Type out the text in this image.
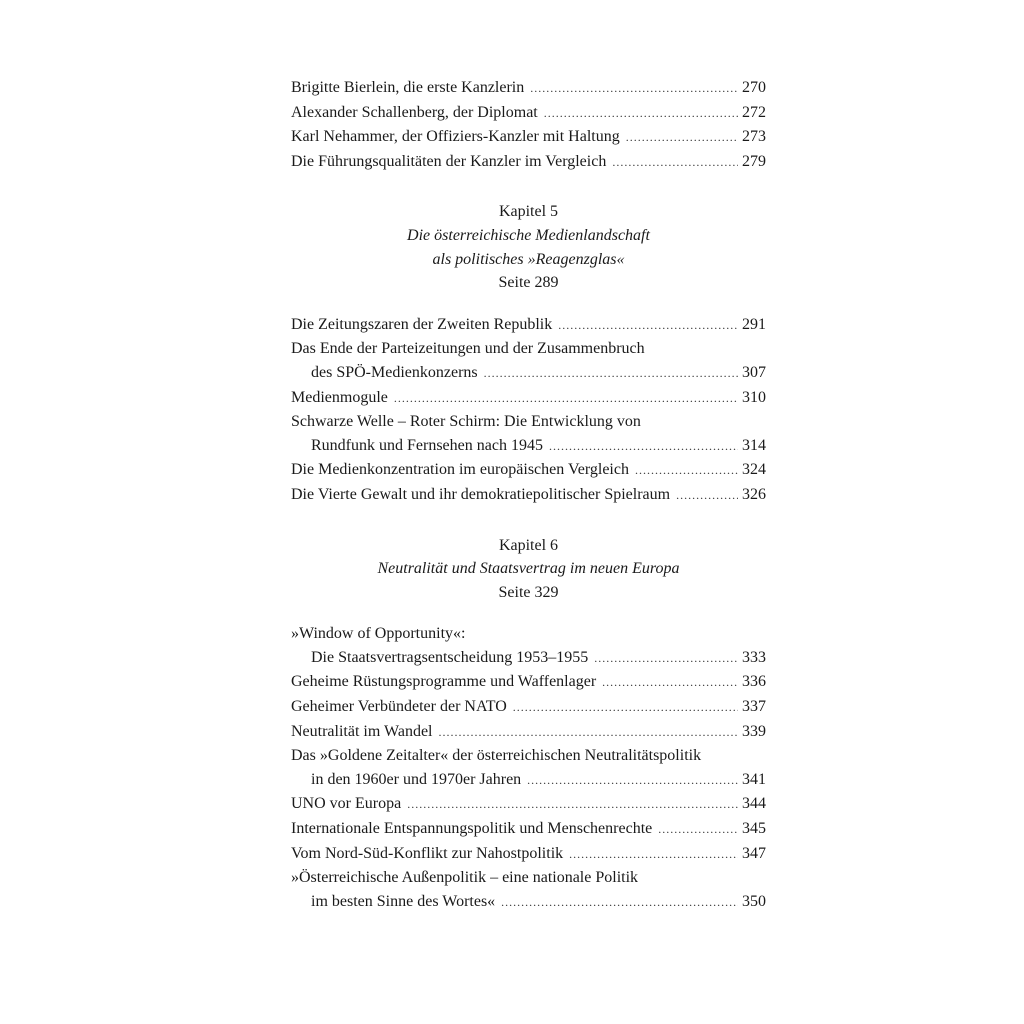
Brigitte Bierlein, die erste Kanzlerin . . .	270
Alexander Schallenberg, der Diplomat . . .	272
Karl Nehammer, der Offiziers-Kanzler mit Haltung . . .	273
Die Führungsqualitäten der Kanzler im Vergleich . . .	279
Kapitel 5
Die österreichische Medienlandschaft
als politisches »Reagenzglas«
Seite 289
Die Zeitungszaren der Zweiten Republik . . .	291
Das Ende der Parteizeitungen und der Zusammenbruch
des SPÖ-Medienkonzerns . . .	307
Medienmogule . . .	310
Schwarze Welle – Roter Schirm: Die Entwicklung von
Rundfunk und Fernsehen nach 1945 . . .	314
Die Medienkonzentration im europäischen Vergleich . . .	324
Die Vierte Gewalt und ihr demokratiepolitischer Spielraum . . .	326
Kapitel 6
Neutralität und Staatsvertrag im neuen Europa
Seite 329
»Window of Opportunity«:
Die Staatsvertragsentscheidung 1953–1955 . . .	333
Geheime Rüstungsprogramme und Waffenlager . . .	336
Geheimer Verbündeter der NATO . . .	337
Neutralität im Wandel . . .	339
Das »Goldene Zeitalter« der österreichischen Neutralitätspolitik
in den 1960er und 1970er Jahren . . .	341
UNO vor Europa . . .	344
Internationale Entspannungspolitik und Menschenrechte . . .	345
Vom Nord-Süd-Konflikt zur Nahostpolitik . . .	347
»Österreichische Außenpolitik – eine nationale Politik
im besten Sinne des Wortes« . . .	350
